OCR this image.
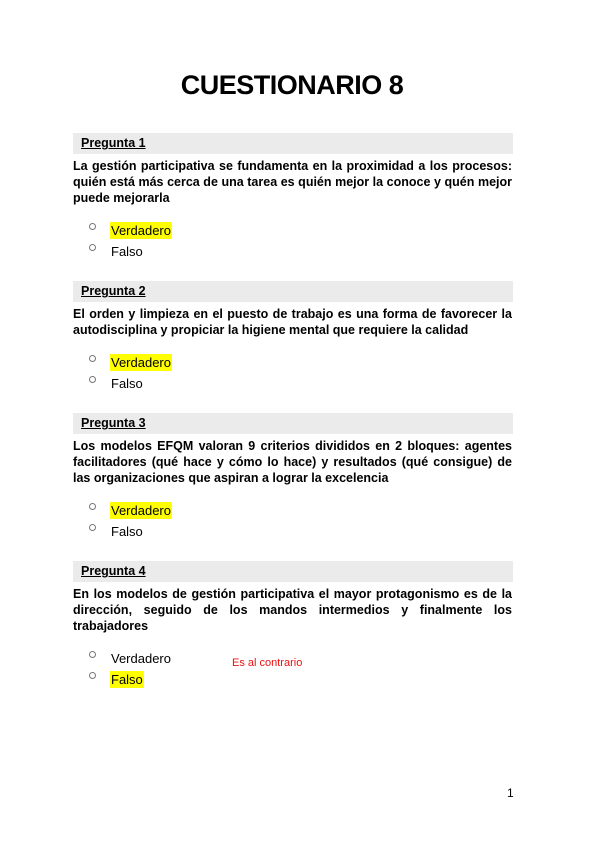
CUESTIONARIO 8
Pregunta 1
La gestión participativa se fundamenta en la proximidad a los procesos: quién está más cerca de una tarea es quién mejor la conoce y quén mejor puede mejorarla
Verdadero
Falso
Pregunta 2
El orden y limpieza en el puesto de trabajo es una forma de favorecer la autodisciplina y propiciar la higiene mental que requiere la calidad
Verdadero
Falso
Pregunta 3
Los modelos EFQM valoran 9 criterios divididos en 2 bloques: agentes facilitadores (qué hace y cómo lo hace) y resultados (qué consigue) de las organizaciones que aspiran a lograr la excelencia
Verdadero
Falso
Pregunta 4
En los modelos de gestión participativa el mayor protagonismo es de la dirección, seguido de los mandos intermedios y finalmente los trabajadores
Verdadero
Falso
Es al contrario
1
